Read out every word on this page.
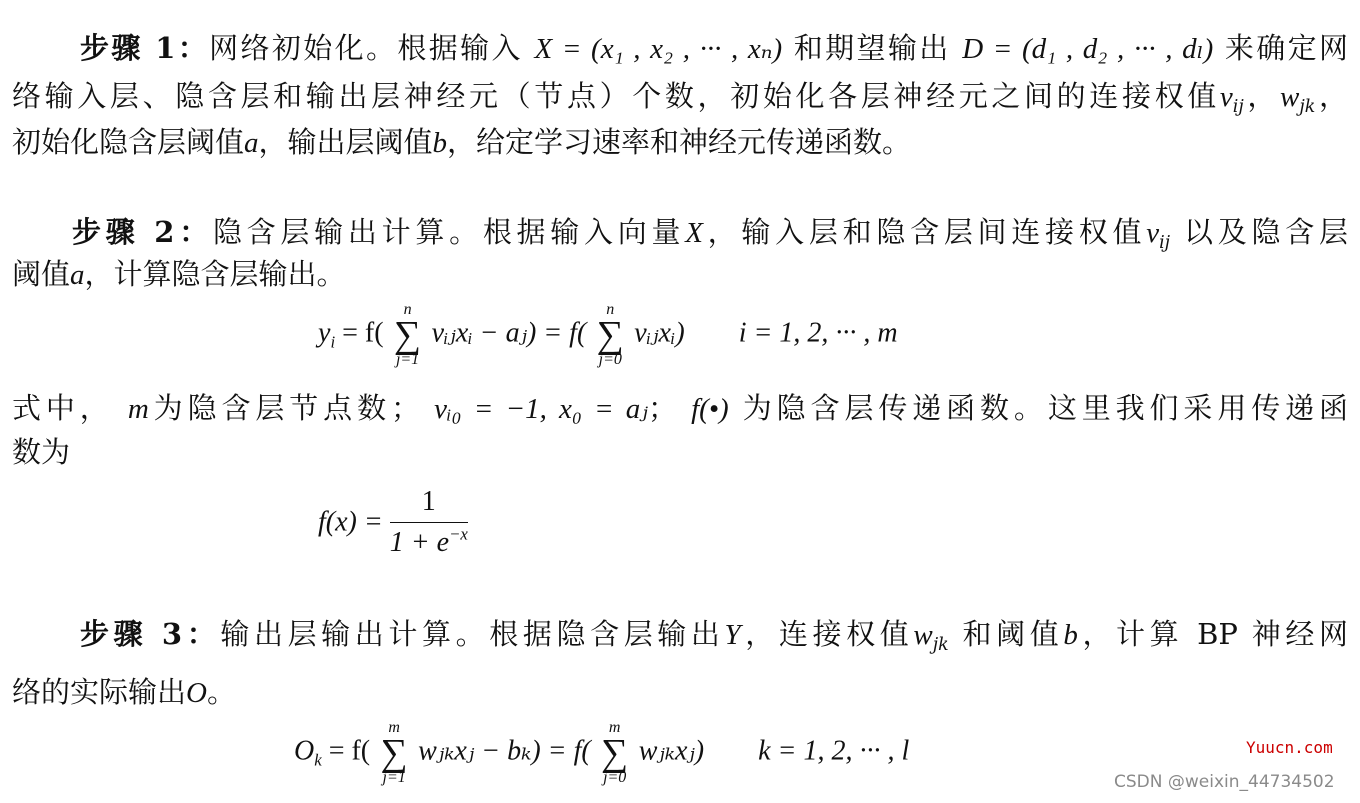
步骤 1：网络初始化。根据输入 X = (x₁ , x₂ , ··· , xₙ) 和期望输出 D = (d₁ , d₂ , ··· , dₗ) 来确定网
络输入层、隐含层和输出层神经元（节点）个数，初始化各层神经元之间的连接权值$v_{ij}$，$w_{jk}$，
初始化隐含层阈值a，输出层阈值b，给定学习速率和神经元传递函数。
步骤 2：隐含层输出计算。根据输入向量X，输入层和隐含层间连接权值$v_{ij}$ 以及隐含层
阈值a，计算隐含层输出。
$y_i = f$(
n
∑
j=1
vᵢⱼxᵢ − aⱼ) = f(
n
∑
j=0
vᵢⱼxᵢ) i = 1, 2, ··· , m
式中， m为隐含层节点数； vᵢ₀ = −1, x₀ = aⱼ； f(•) 为隐含层传递函数。这里我们采用传递函
数为
$f(x) = \frac{1}{1 + e^{-x}}$
步骤 3：输出层输出计算。根据隐含层输出Y，连接权值$w_{jk}$ 和阈值b，计算 BP 神经网
络的实际输出O。
$O_k = f$(
m
∑
j=1
wⱼₖxⱼ − bₖ) = f(
m
∑
j=0
wⱼₖxⱼ) k = 1, 2, ··· , l	Yuucn.com
CSDN @weixin_44734502
